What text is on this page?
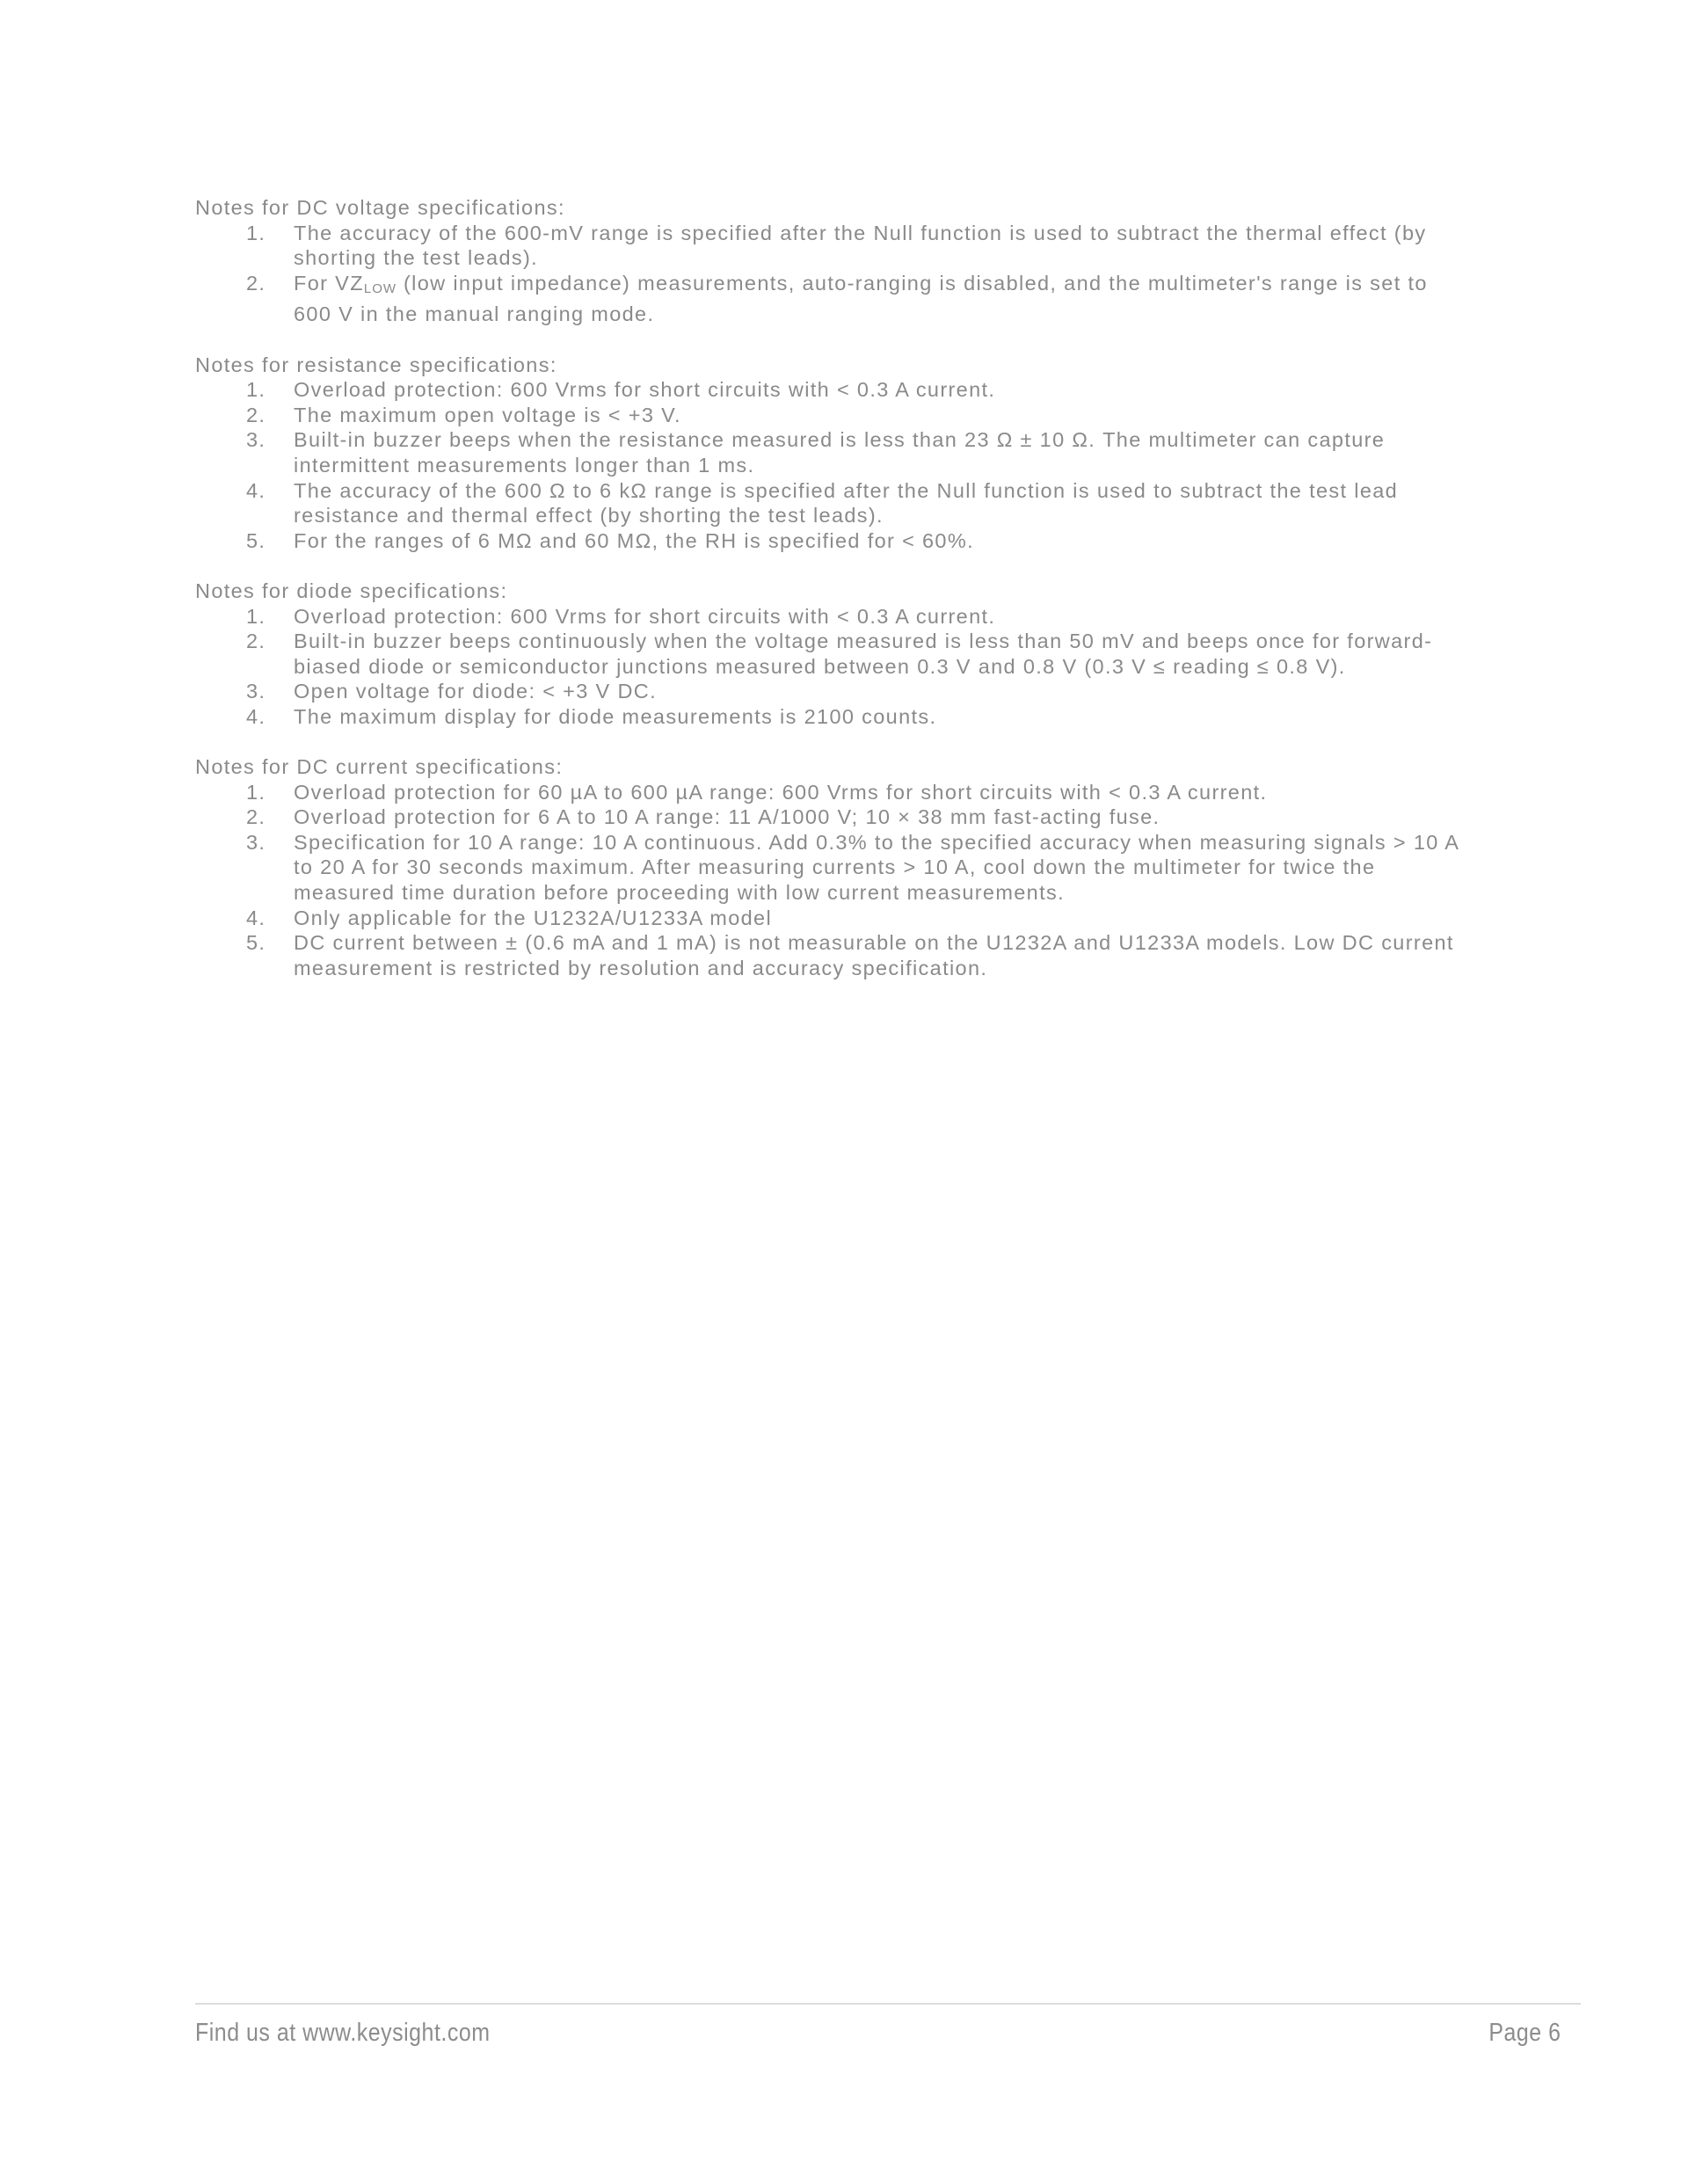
Notes for DC voltage specifications:

1. The accuracy of the 600-mV range is specified after the Null function is used to subtract the thermal effect (by shorting the test leads).
2. For $VZ_{LOW}$ (low input impedance) measurements, auto-ranging is disabled, and the multimeter's range is set to 600 V in the manual ranging mode.

Notes for resistance specifications:

1. Overload protection: 600 Vrms for short circuits with < 0.3 A current.
2. The maximum open voltage is < +3 V.
3. Built-in buzzer beeps when the resistance measured is less than 23 Ω ± 10 Ω. The multimeter can capture intermittent measurements longer than 1 ms.
4. The accuracy of the 600 Ω to 6 kΩ range is specified after the Null function is used to subtract the test lead resistance and thermal effect (by shorting the test leads).
5. For the ranges of 6 MΩ and 60 MΩ, the RH is specified for < 60%.

Notes for diode specifications:

1. Overload protection: 600 Vrms for short circuits with < 0.3 A current.
2. Built-in buzzer beeps continuously when the voltage measured is less than 50 mV and beeps once for forward-biased diode or semiconductor junctions measured between 0.3 V and 0.8 V (0.3 V ≤ reading ≤ 0.8 V).
3. Open voltage for diode: < +3 V DC.
4. The maximum display for diode measurements is 2100 counts.

Notes for DC current specifications:

1. Overload protection for 60 µA to 600 µA range: 600 Vrms for short circuits with < 0.3 A current.
2. Overload protection for 6 A to 10 A range: 11 A/1000 V; 10 × 38 mm fast-acting fuse.
3. Specification for 10 A range: 10 A continuous. Add 0.3% to the specified accuracy when measuring signals > 10 A to 20 A for 30 seconds maximum. After measuring currents > 10 A, cool down the multimeter for twice the measured time duration before proceeding with low current measurements.
4. Only applicable for the U1232A/U1233A model
5. DC current between ± (0.6 mA and 1 mA) is not measurable on the U1232A and U1233A models. Low DC current measurement is restricted by resolution and accuracy specification.
Find us at www.keysight.com	Page 6
